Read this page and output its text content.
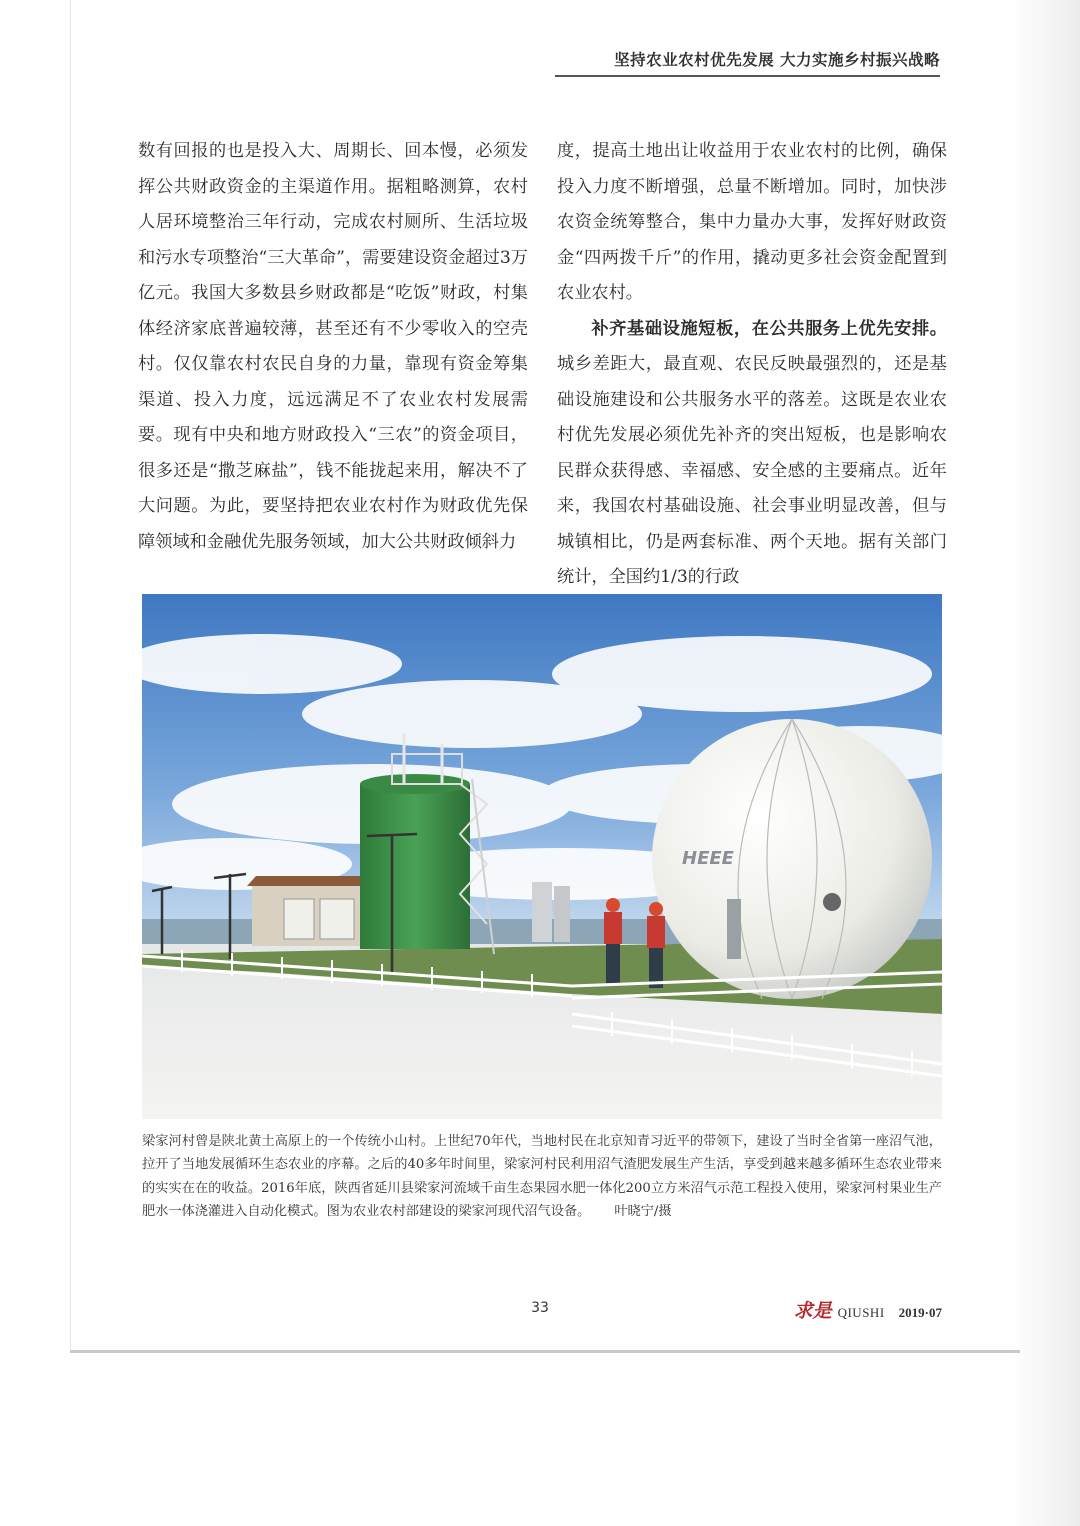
坚持农业农村优先发展 大力实施乡村振兴战略

数有回报的也是投入大、周期长、回本慢，必须发挥公共财政资金的主渠道作用。据粗略测算，农村人居环境整治三年行动，完成农村厕所、生活垃圾和污水专项整治“三大革命”，需要建设资金超过3万亿元。我国大多数县乡财政都是“吃饭”财政，村集体经济家底普遍较薄，甚至还有不少零收入的空壳村。仅仅靠农村农民自身的力量，靠现有资金筹集渠道、投入力度，远远满足不了农业农村发展需要。现有中央和地方财政投入“三农”的资金项目，很多还是“撒芝麻盐”，钱不能拢起来用，解决不了大问题。为此，要坚持把农业农村作为财政优先保障领域和金融优先服务领域，加大公共财政倾斜力

度，提高土地出让收益用于农业农村的比例，确保投入力度不断增强，总量不断增加。同时，加快涉农资金统筹整合，集中力量办大事，发挥好财政资金“四两拨千斤”的作用，撬动更多社会资金配置到农业农村。

补齐基础设施短板，在公共服务上优先安排。城乡差距大，最直观、农民反映最强烈的，还是基础设施建设和公共服务水平的落差。这既是农业农村优先发展必须优先补齐的突出短板，也是影响农民群众获得感、幸福感、安全感的主要痛点。近年来，我国农村基础设施、社会事业明显改善，但与城镇相比，仍是两套标准、两个天地。据有关部门统计，全国约1/3的行政

HEEE
梁家河村曾是陕北黄土高原上的一个传统小山村。上世纪70年代，当地村民在北京知青习近平的带领下，建设了当时全省第一座沼气池，拉开了当地发展循环生态农业的序幕。之后的40多年时间里，梁家河村民利用沼气渣肥发展生产生活，享受到越来越多循环生态农业带来的实实在在的收益。2016年底，陕西省延川县梁家河流域千亩生态果园水肥一体化200立方米沼气示范工程投入使用，梁家河村果业生产肥水一体浇灌进入自动化模式。图为农业农村部建设的梁家河现代沼气设备。 叶晓宁/摄
33	求是 QIUSHI 2019·07
